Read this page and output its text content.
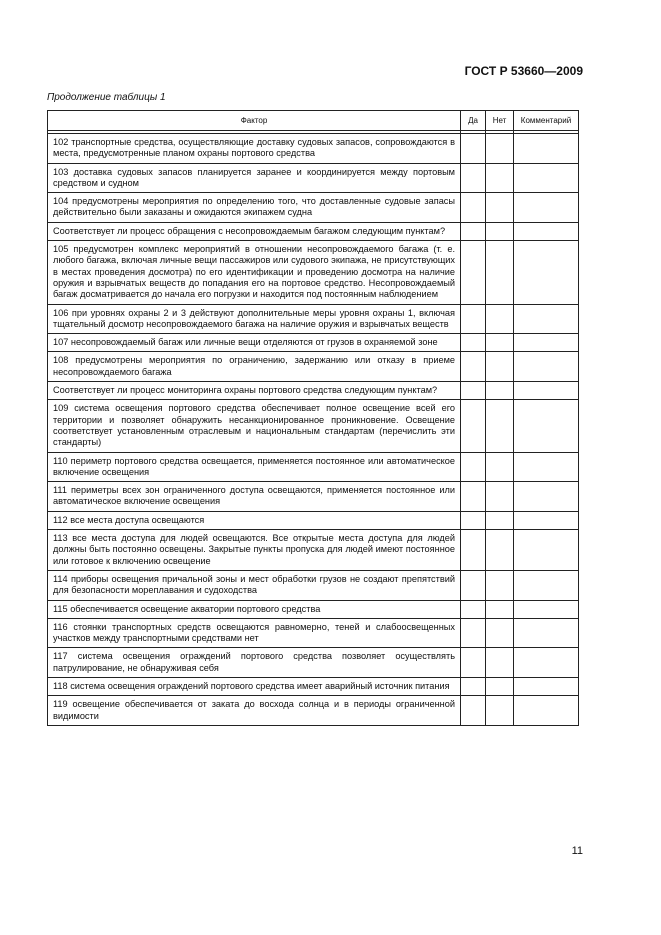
ГОСТ Р 53660—2009
Продолжение таблицы 1
Фактор	Да	Нет	Комментарий

102 транспортные средства, осуществляющие доставку судовых запасов, сопровождаются в места, предусмотренные планом охраны портового средства			
103 доставка судовых запасов планируется заранее и координируется между портовым средством и судном			
104 предусмотрены мероприятия по определению того, что доставленные судовые запасы действительно были заказаны и ожидаются экипажем судна			
Соответствует ли процесс обращения с несопровождаемым багажом следующим пунктам?			
105 предусмотрен комплекс мероприятий в отношении несопровождаемого багажа (т. е. любого багажа, включая личные вещи пассажиров или судового экипажа, не присутствующих в местах проведения досмотра) по его идентификации и проведению досмотра на наличие оружия и взрывчатых веществ до попадания его на портовое средство. Несопровождаемый багаж досматривается до начала его погрузки и находится под постоянным наблюдением			
106 при уровнях охраны 2 и 3 действуют дополнительные меры уровня охраны 1, включая тщательный досмотр несопровождаемого багажа на наличие оружия и взрывчатых веществ			
107 несопровождаемый багаж или личные вещи отделяются от грузов в охраняемой зоне			
108 предусмотрены мероприятия по ограничению, задержанию или отказу в приеме несопровождаемого багажа			
Соответствует ли процесс мониторинга охраны портового средства следующим пунктам?			
109 система освещения портового средства обеспечивает полное освещение всей его территории и позволяет обнаружить несанкционированное проникновение. Освещение соответствует установленным отраслевым и национальным стандартам (перечислить эти стандарты)			
110 периметр портового средства освещается, применяется постоянное или автоматическое включение освещения			
111 периметры всех зон ограниченного доступа освещаются, применяется постоянное или автоматическое включение освещения			
112 все места доступа освещаются			
113 все места доступа для людей освещаются. Все открытые места доступа для людей должны быть постоянно освещены. Закрытые пункты пропуска для людей имеют постоянное или готовое к включению освещение			
114 приборы освещения причальной зоны и мест обработки грузов не создают препятствий для безопасности мореплавания и судоходства			
115 обеспечивается освещение акватории портового средства			
116 стоянки транспортных средств освещаются равномерно, теней и слабоосвещенных участков между транспортными средствами нет			
117 система освещения ограждений портового средства позволяет осуществлять патрулирование, не обнаруживая себя			
118 система освещения ограждений портового средства имеет аварийный источник питания			
119 освещение обеспечивается от заката до восхода солнца и в периоды ограниченной видимости			
11
